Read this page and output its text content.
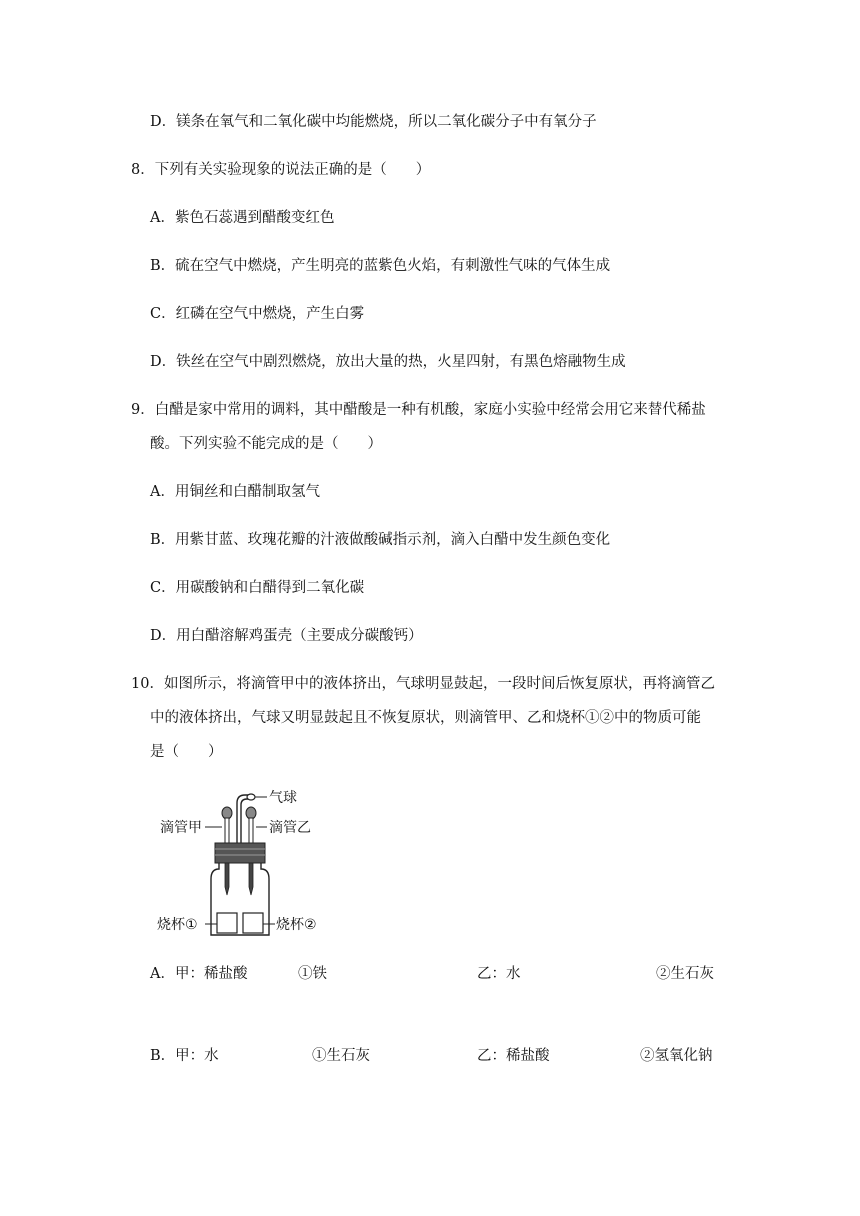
D．镁条在氧气和二氧化碳中均能燃烧，所以二氧化碳分子中有氧分子
8．下列有关实验现象的说法正确的是（　　）
A．紫色石蕊遇到醋酸变红色
B．硫在空气中燃烧，产生明亮的蓝紫色火焰，有刺激性气味的气体生成
C．红磷在空气中燃烧，产生白雾
D．铁丝在空气中剧烈燃烧，放出大量的热，火星四射，有黑色熔融物生成
9．白醋是家中常用的调料，其中醋酸是一种有机酸，家庭小实验中经常会用它来替代稀盐
酸。下列实验不能完成的是（　　）
A．用铜丝和白醋制取氢气
B．用紫甘蓝、玫瑰花瓣的汁液做酸碱指示剂，滴入白醋中发生颜色变化
C．用碳酸钠和白醋得到二氧化碳
D．用白醋溶解鸡蛋壳（主要成分碳酸钙）
10．如图所示，将滴管甲中的液体挤出，气球明显鼓起，一段时间后恢复原状，再将滴管乙
中的液体挤出，气球又明显鼓起且不恢复原状，则滴管甲、乙和烧杯①②中的物质可能
是（　　）
气球
滴管甲	滴管乙
烧杯①	烧杯②
A．甲：稀盐酸	①铁	乙：水	②生石灰
B．甲：水	①生石灰	乙：稀盐酸	②氢氧化钠
